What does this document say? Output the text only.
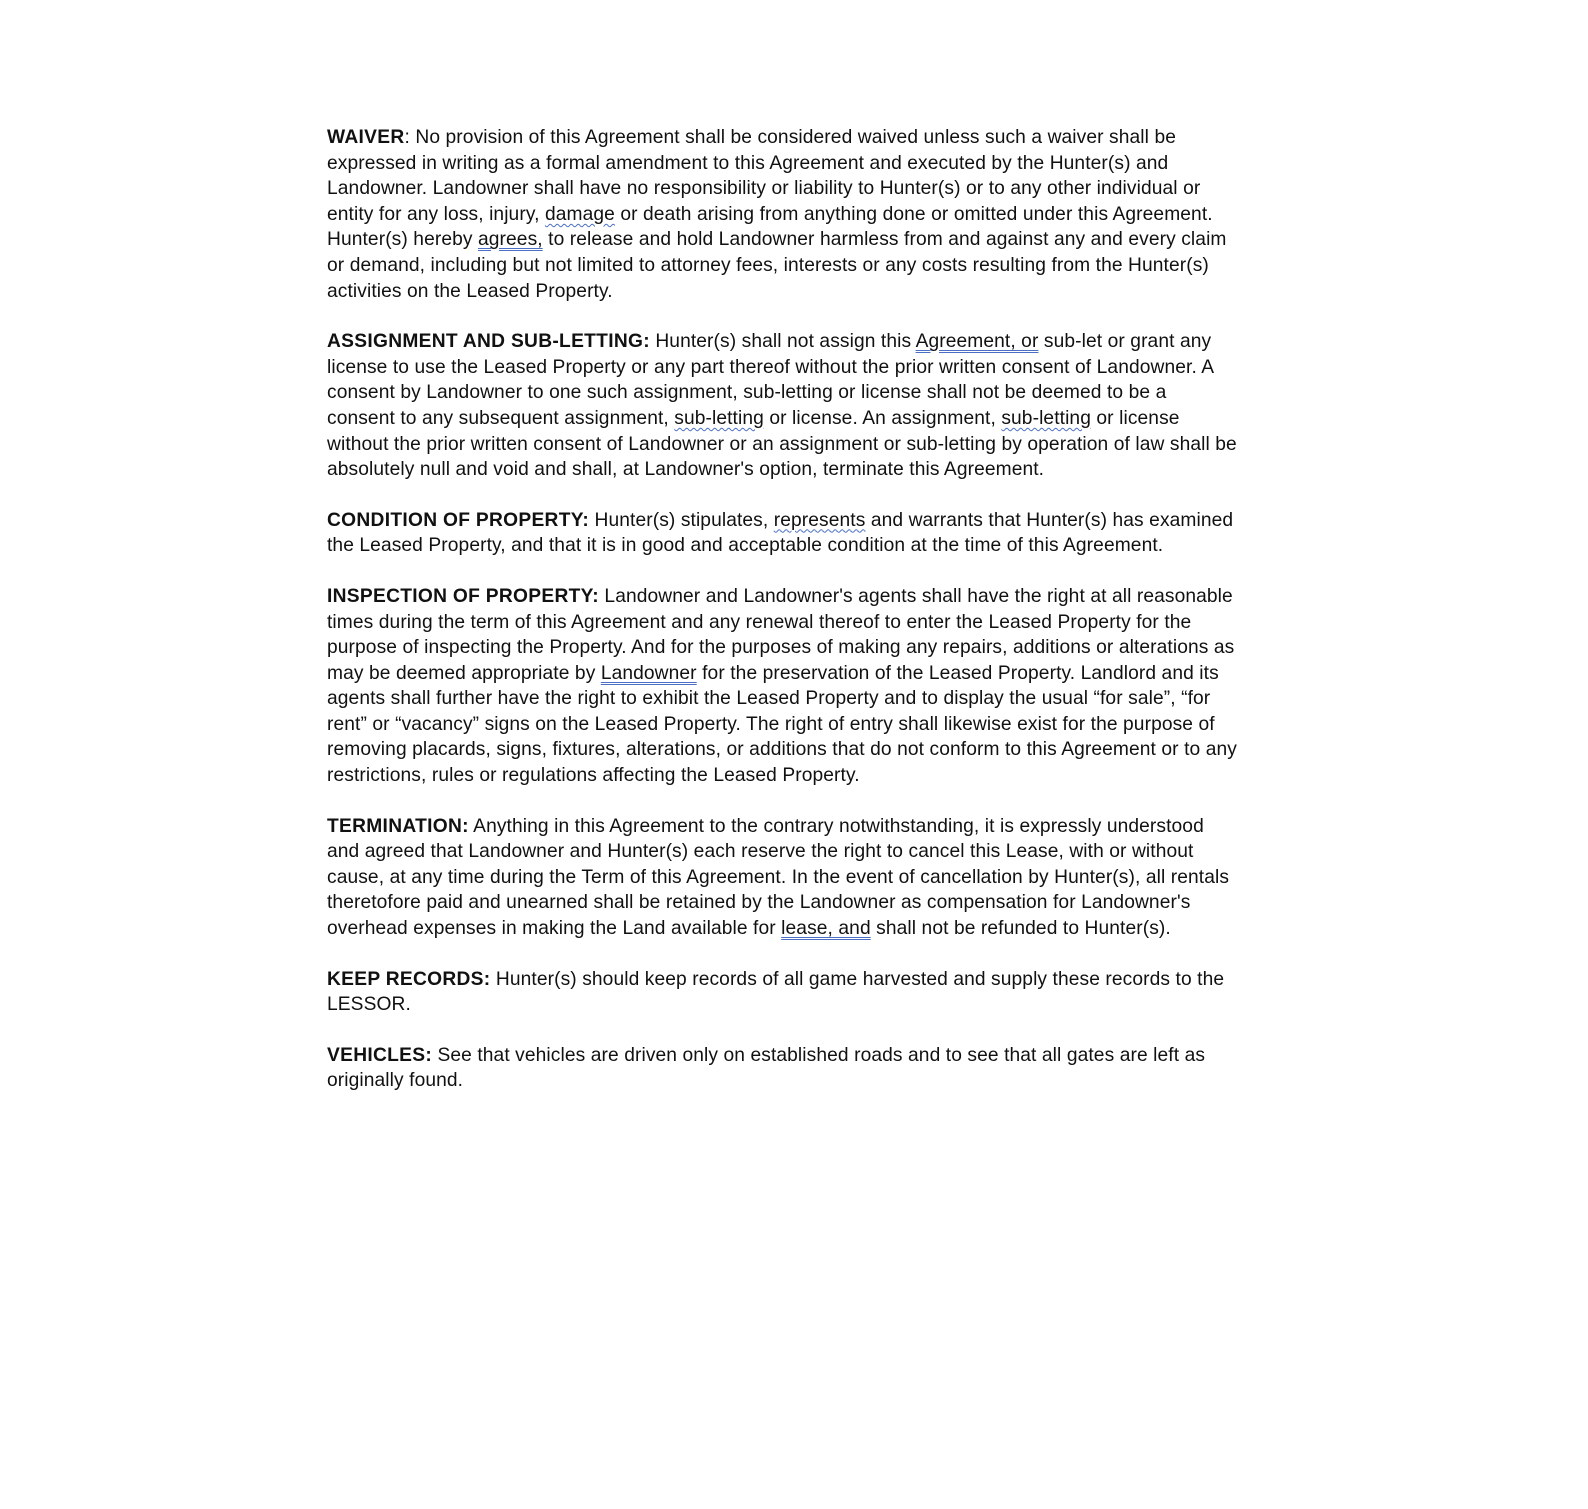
WAIVER: No provision of this Agreement shall be considered waived unless such a waiver shall be expressed in writing as a formal amendment to this Agreement and executed by the Hunter(s) and Landowner. Landowner shall have no responsibility or liability to Hunter(s) or to any other individual or entity for any loss, injury, damage or death arising from anything done or omitted under this Agreement. Hunter(s) hereby agrees, to release and hold Landowner harmless from and against any and every claim or demand, including but not limited to attorney fees, interests or any costs resulting from the Hunter(s) activities on the Leased Property.

ASSIGNMENT AND SUB-LETTING: Hunter(s) shall not assign this Agreement, or sub-let or grant any license to use the Leased Property or any part thereof without the prior written consent of Landowner. A consent by Landowner to one such assignment, sub-letting or license shall not be deemed to be a consent to any subsequent assignment, sub-letting or license. An assignment, sub-letting or license without the prior written consent of Landowner or an assignment or sub-letting by operation of law shall be absolutely null and void and shall, at Landowner's option, terminate this Agreement.

CONDITION OF PROPERTY: Hunter(s) stipulates, represents and warrants that Hunter(s) has examined the Leased Property, and that it is in good and acceptable condition at the time of this Agreement.

INSPECTION OF PROPERTY: Landowner and Landowner's agents shall have the right at all reasonable times during the term of this Agreement and any renewal thereof to enter the Leased Property for the purpose of inspecting the Property. And for the purposes of making any repairs, additions or alterations as may be deemed appropriate by Landowner for the preservation of the Leased Property. Landlord and its agents shall further have the right to exhibit the Leased Property and to display the usual “for sale”, “for rent” or “vacancy” signs on the Leased Property. The right of entry shall likewise exist for the purpose of removing placards, signs, fixtures, alterations, or additions that do not conform to this Agreement or to any restrictions, rules or regulations affecting the Leased Property.

TERMINATION: Anything in this Agreement to the contrary notwithstanding, it is expressly understood and agreed that Landowner and Hunter(s) each reserve the right to cancel this Lease, with or without cause, at any time during the Term of this Agreement. In the event of cancellation by Hunter(s), all rentals theretofore paid and unearned shall be retained by the Landowner as compensation for Landowner's overhead expenses in making the Land available for lease, and shall not be refunded to Hunter(s).

KEEP RECORDS: Hunter(s) should keep records of all game harvested and supply these records to the LESSOR.

VEHICLES: See that vehicles are driven only on established roads and to see that all gates are left as originally found.
